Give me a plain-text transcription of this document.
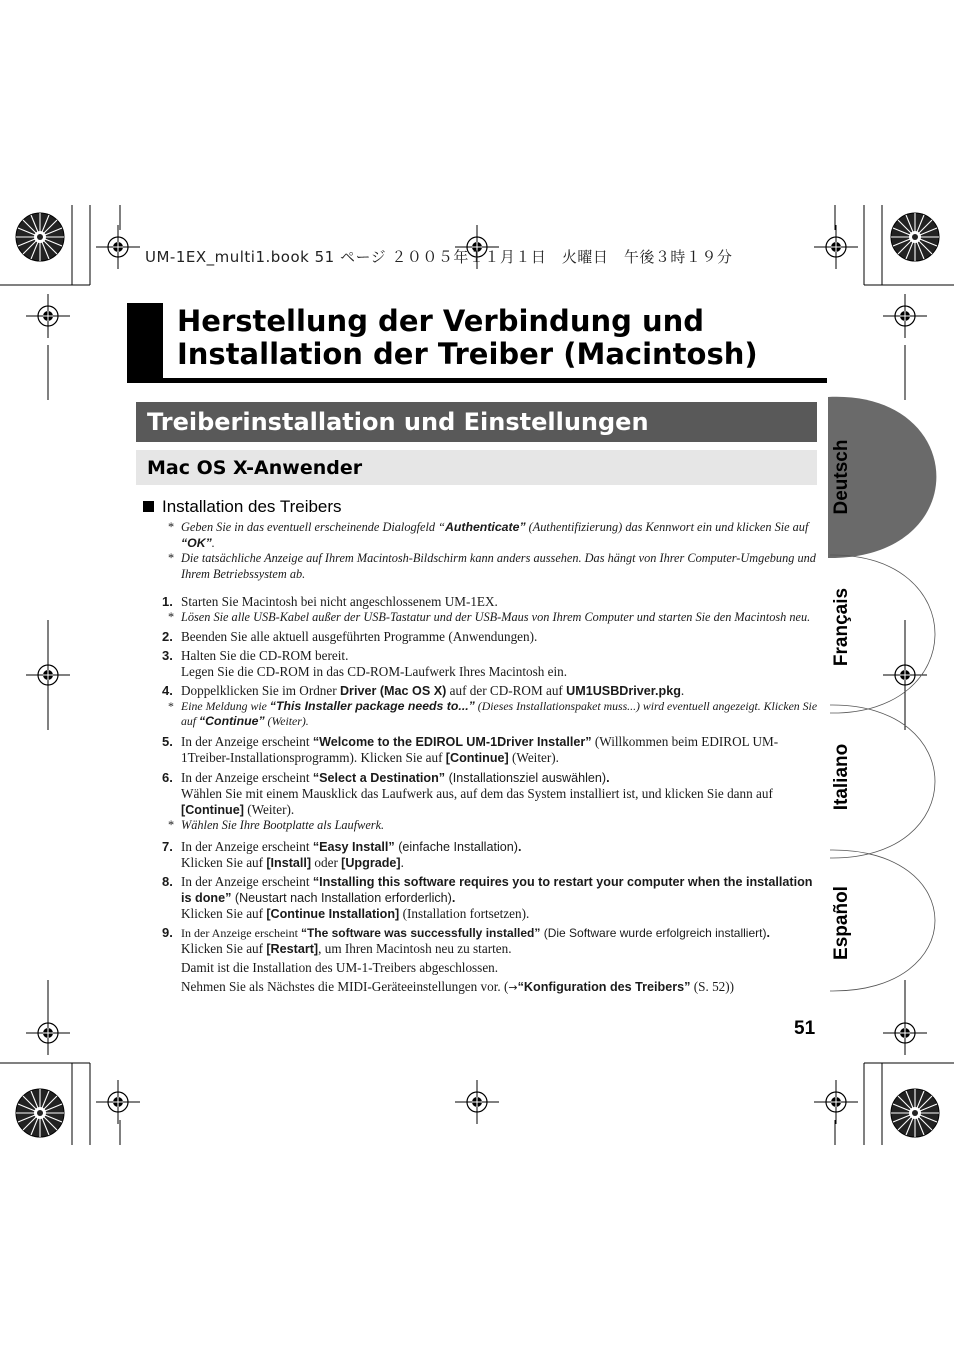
UM-1EX_multi1.book 51 ページ ２００５年１１月１日　火曜日　午後３時１９分
Herstellung der Verbindung und
Installation der Treiber (Macintosh)
Treiberinstallation und Einstellungen
Mac OS X-Anwender
Installation des Treibers
* Geben Sie in das eventuell erscheinende Dialogfeld “Authenticate” (Authentifizierung) das Kennwort ein und klicken Sie auf “OK”.
* Die tatsächliche Anzeige auf Ihrem Macintosh-Bildschirm kann anders aussehen. Das hängt von Ihrer Computer-Umgebung und Ihrem Betriebssystem ab.
1. Starten Sie Macintosh bei nicht angeschlossenem UM-1EX.
* Lösen Sie alle USB-Kabel außer der USB-Tastatur und der USB-Maus von Ihrem Computer und starten Sie den Macintosh neu.
2. Beenden Sie alle aktuell ausgeführten Programme (Anwendungen).
3. Halten Sie die CD-ROM bereit.
Legen Sie die CD-ROM in das CD-ROM-Laufwerk Ihres Macintosh ein.
4. Doppelklicken Sie im Ordner Driver (Mac OS X) auf der CD-ROM auf UM1USBDriver.pkg.
* Eine Meldung wie “This Installer package needs to...” (Dieses Installationspaket muss...) wird eventuell angezeigt. Klicken Sie auf “Continue” (Weiter).
5. In der Anzeige erscheint “Welcome to the EDIROL UM-1Driver Installer” (Willkommen beim EDIROL UM-1Treiber-Installationsprogramm). Klicken Sie auf [Continue] (Weiter).
6. In der Anzeige erscheint “Select a Destination” (Installationsziel auswählen).
Wählen Sie mit einem Mausklick das Laufwerk aus, auf dem das System installiert ist, und klicken Sie dann auf [Continue] (Weiter).
* Wählen Sie Ihre Bootplatte als Laufwerk.
7. In der Anzeige erscheint “Easy Install” (einfache Installation).
Klicken Sie auf [Install] oder [Upgrade].
8. In der Anzeige erscheint “Installing this software requires you to restart your computer when the installation is done” (Neustart nach Installation erforderlich).
Klicken Sie auf [Continue Installation] (Installation fortsetzen).
9. In der Anzeige erscheint “The software was successfully installed” (Die Software wurde erfolgreich installiert).
Klicken Sie auf [Restart], um Ihren Macintosh neu zu starten.
Damit ist die Installation des UM-1-Treibers abgeschlossen.
Nehmen Sie als Nächstes die MIDI-Geräteeinstellungen vor. (→“Konfiguration des Treibers” (S. 52))
51
Deutsch
Français
Italiano
Español
